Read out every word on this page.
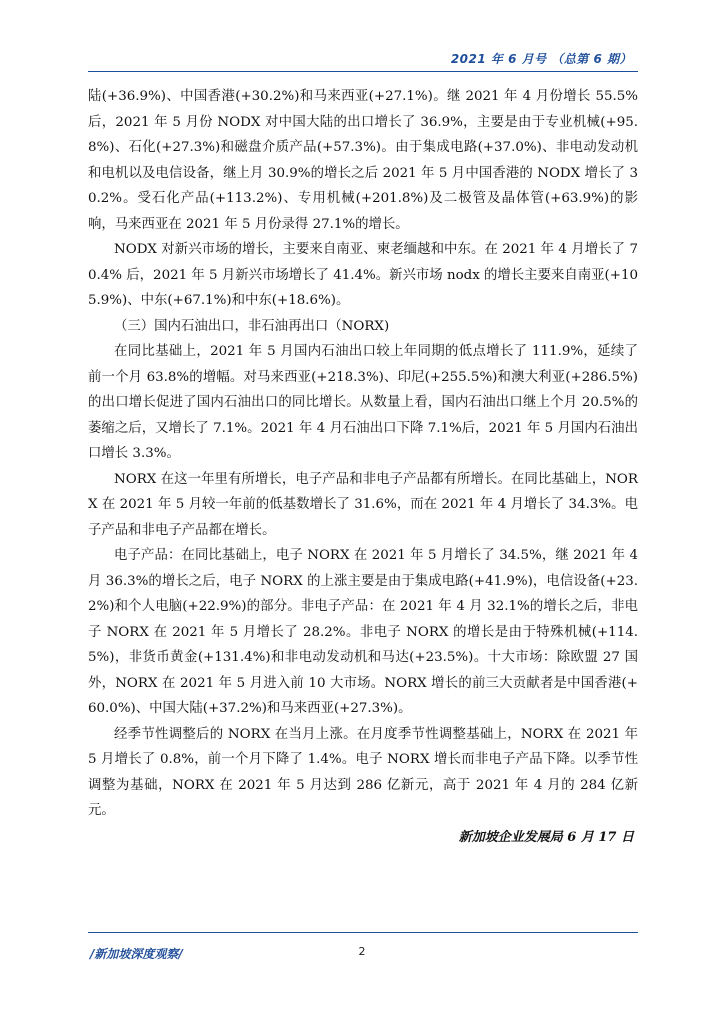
2021 年 6 月号 （总第 6 期）

陆(+36.9%)、中国香港(+30.2%)和马来西亚(+27.1%)。继 2021 年 4 月份增长 55.5%后，2021 年 5 月份 NODX 对中国大陆的出口增长了 36.9%，主要是由于专业机械(+95.8%)、石化(+27.3%)和磁盘介质产品(+57.3%)。由于集成电路(+37.0%)、非电动发动机和电机以及电信设备，继上月 30.9%的增长之后 2021 年 5 月中国香港的 NODX 增长了 30.2%。受石化产品(+113.2%)、专用机械(+201.8%)及二极管及晶体管(+63.9%)的影响，马来西亚在 2021 年 5 月份录得 27.1%的增长。

NODX 对新兴市场的增长，主要来自南亚、柬老缅越和中东。在 2021 年 4 月增长了 70.4% 后，2021 年 5 月新兴市场增长了 41.4%。新兴市场 nodx 的增长主要来自南亚(+105.9%)、中东(+67.1%)和中东(+18.6%)。

（三）国内石油出口，非石油再出口（NORX)

在同比基础上，2021 年 5 月国内石油出口较上年同期的低点增长了 111.9%，延续了前一个月 63.8%的增幅。对马来西亚(+218.3%)、印尼(+255.5%)和澳大利亚(+286.5%)的出口增长促进了国内石油出口的同比增长。从数量上看，国内石油出口继上个月 20.5%的萎缩之后，又增长了 7.1%。2021 年 4 月石油出口下降 7.1%后，2021 年 5 月国内石油出口增长 3.3%。

NORX 在这一年里有所增长，电子产品和非电子产品都有所增长。在同比基础上，NORX 在 2021 年 5 月较一年前的低基数增长了 31.6%，而在 2021 年 4 月增长了 34.3%。电子产品和非电子产品都在增长。

电子产品：在同比基础上，电子 NORX 在 2021 年 5 月增长了 34.5%，继 2021 年 4 月 36.3%的增长之后，电子 NORX 的上涨主要是由于集成电路(+41.9%)，电信设备(+23.2%)和个人电脑(+22.9%)的部分。非电子产品：在 2021 年 4 月 32.1%的增长之后，非电子 NORX 在 2021 年 5 月增长了 28.2%。非电子 NORX 的增长是由于特殊机械(+114.5%)，非货币黄金(+131.4%)和非电动发动机和马达(+23.5%)。十大市场：除欧盟 27 国外，NORX 在 2021 年 5 月进入前 10 大市场。NORX 增长的前三大贡献者是中国香港(+60.0%)、中国大陆(+37.2%)和马来西亚(+27.3%)。

经季节性调整后的 NORX 在当月上涨。在月度季节性调整基础上，NORX 在 2021 年 5 月增长了 0.8%，前一个月下降了 1.4%。电子 NORX 增长而非电子产品下降。以季节性调整为基础，NORX 在 2021 年 5 月达到 286 亿新元，高于 2021 年 4 月的 284 亿新元。

新加坡企业发展局 6 月 17 日

/新加坡深度观察/	2
